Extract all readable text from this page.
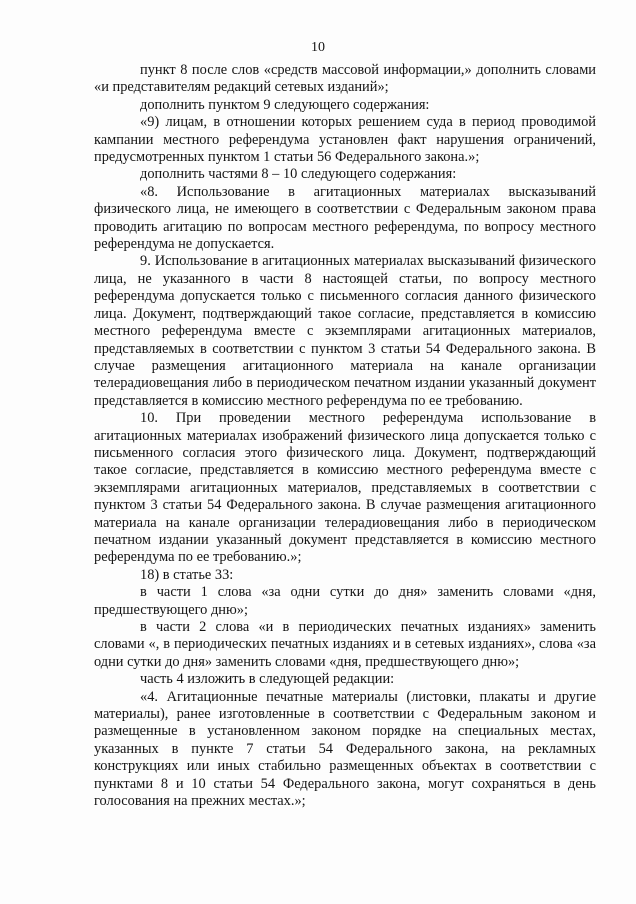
10

пункт 8 после слов «средств массовой информации,» дополнить словами «и представителям редакций сетевых изданий»;

дополнить пунктом 9 следующего содержания:

«9) лицам, в отношении которых решением суда в период проводимой кампании местного референдума установлен факт нарушения ограничений, предусмотренных пунктом 1 статьи 56 Федерального закона.»;

дополнить частями 8 – 10 следующего содержания:

«8. Использование в агитационных материалах высказываний физического лица, не имеющего в соответствии с Федеральным законом права проводить агитацию по вопросам местного референдума, по вопросу местного референдума не допускается.

9. Использование в агитационных материалах высказываний физического лица, не указанного в части 8 настоящей статьи, по вопросу местного референдума допускается только с письменного согласия данного физического лица. Документ, подтверждающий такое согласие, представляется в комиссию местного референдума вместе с экземплярами агитационных материалов, представляемых в соответствии с пунктом 3 статьи 54 Федерального закона. В случае размещения агитационного материала на канале организации телерадиовещания либо в периодическом печатном издании указанный документ представляется в комиссию местного референдума по ее требованию.

10. При проведении местного референдума использование в агитационных материалах изображений физического лица допускается только с письменного согласия этого физического лица. Документ, подтверждающий такое согласие, представляется в комиссию местного референдума вместе с экземплярами агитационных материалов, представляемых в соответствии с пунктом 3 статьи 54 Федерального закона. В случае размещения агитационного материала на канале организации телерадиовещания либо в периодическом печатном издании указанный документ представляется в комиссию местного референдума по ее требованию.»;

18) в статье 33:

в части 1 слова «за одни сутки до дня» заменить словами «дня, предшествующего дню»;

в части 2 слова «и в периодических печатных изданиях» заменить словами «, в периодических печатных изданиях и в сетевых изданиях», слова «за одни сутки до дня» заменить словами «дня, предшествующего дню»;

часть 4 изложить в следующей редакции:

«4. Агитационные печатные материалы (листовки, плакаты и другие материалы), ранее изготовленные в соответствии с Федеральным законом и размещенные в установленном законом порядке на специальных местах, указанных в пункте 7 статьи 54 Федерального закона, на рекламных конструкциях или иных стабильно размещенных объектах в соответствии с пунктами 8 и 10 статьи 54 Федерального закона, могут сохраняться в день голосования на прежних местах.»;
